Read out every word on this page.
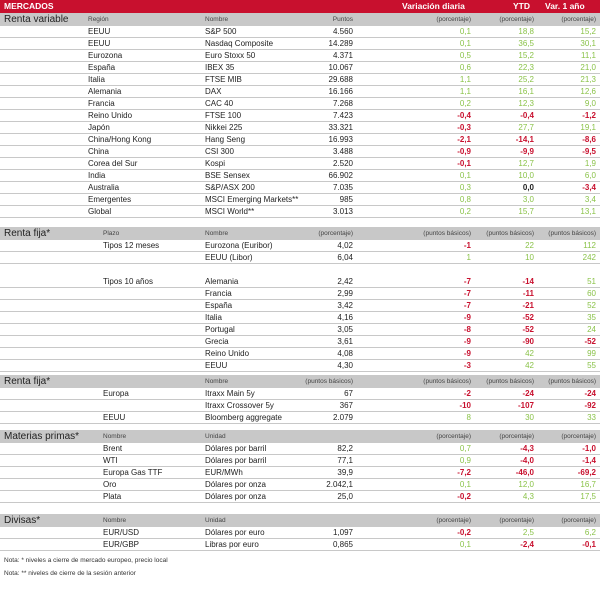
MERCADOS	Variación diaria	YTD Var. 1 año
Renta variable	Región	Nombre	Puntos	(porcentaje)	(porcentaje)	(porcentaje)
EEUU	S&P 500	4.560	0,1	18,8	15,2
EEUU	Nasdaq Composite	14.289	0,1	36,5	30,1
Eurozona	Euro Stoxx 50	4.371	0,5	15,2	11,1
España	IBEX 35	10.067	0,6	22,3	21,0
Italia	FTSE MIB	29.688	1,1	25,2	21,3
Alemania	DAX	16.166	1,1	16,1	12,6
Francia	CAC 40	7.268	0,2	12,3	9,0
Reino Unido	FTSE 100	7.423	-0,4	-0,4	-1,2
Japón	Nikkei 225	33.321	-0,3	27,7	19,1
China/Hong Kong	Hang Seng	16.993	-2,1	-14,1	-8,6
China	CSI 300	3.488	-0,9	-9,9	-9,5
Corea del Sur	Kospi	2.520	-0,1	12,7	1,9
India	BSE Sensex	66.902	0,1	10,0	6,0
Australia	S&P/ASX 200	7.035	0,3	0,0	-3,4
Emergentes	MSCI Emerging Markets**	985	0,8	3,0	3,4
Global	MSCI World**	3.013	0,2	15,7	13,1
Renta fija*	Plazo	Nombre	(porcentaje)	(puntos básicos) (puntos básicos) (puntos básicos)
Tipos 12 meses	Eurozona (Euribor)	4,02	-1	22	112
EEUU (Libor)	6,04	1	10	242
Tipos 10 años	Alemania	2,42	-7	-14	51
Francia	2,99	-7	-11	60
España	3,42	-7	-21	52
Italia	4,16	-9	-52	35
Portugal	3,05	-8	-52	24
Grecia	3,61	-9	-90	-52
Reino Unido	4,08	-9	42	99
EEUU	4,30	-3	42	55
Renta fija*	Nombre	(puntos básicos)	(puntos básicos) (puntos básicos) (puntos básicos)
Europa	Itraxx Main 5y	67	-2	-24	-24
Itraxx Crossover 5y	367	-10	-107	-92
EEUU	Bloomberg aggregate	2.079	8	30	33
Materias primas*	Nombre	Unidad	(porcentaje)	(porcentaje)	(porcentaje)
Brent	Dólares por barril	82,2	0,7	-4,3	-1,0
WTI	Dólares por barril	77,1	0,9	-4,0	-1,4
Europa Gas TTF	EUR/MWh	39,9	-7,2	-46,0	-69,2
Oro	Dólares por onza	2.042,1	0,1	12,0	16,7
Plata	Dólares por onza	25,0	-0,2	4,3	17,5
Divisas*	Nombre	Unidad	(porcentaje)	(porcentaje)	(porcentaje)
EUR/USD	Dólares por euro	1,097	-0,2	2,5	6,2
EUR/GBP	Libras por euro	0,865	0,1	-2,4	-0,1
Nota: * niveles a cierre de mercado europeo, precio local
Nota: ** niveles de cierre de la sesión anterior
